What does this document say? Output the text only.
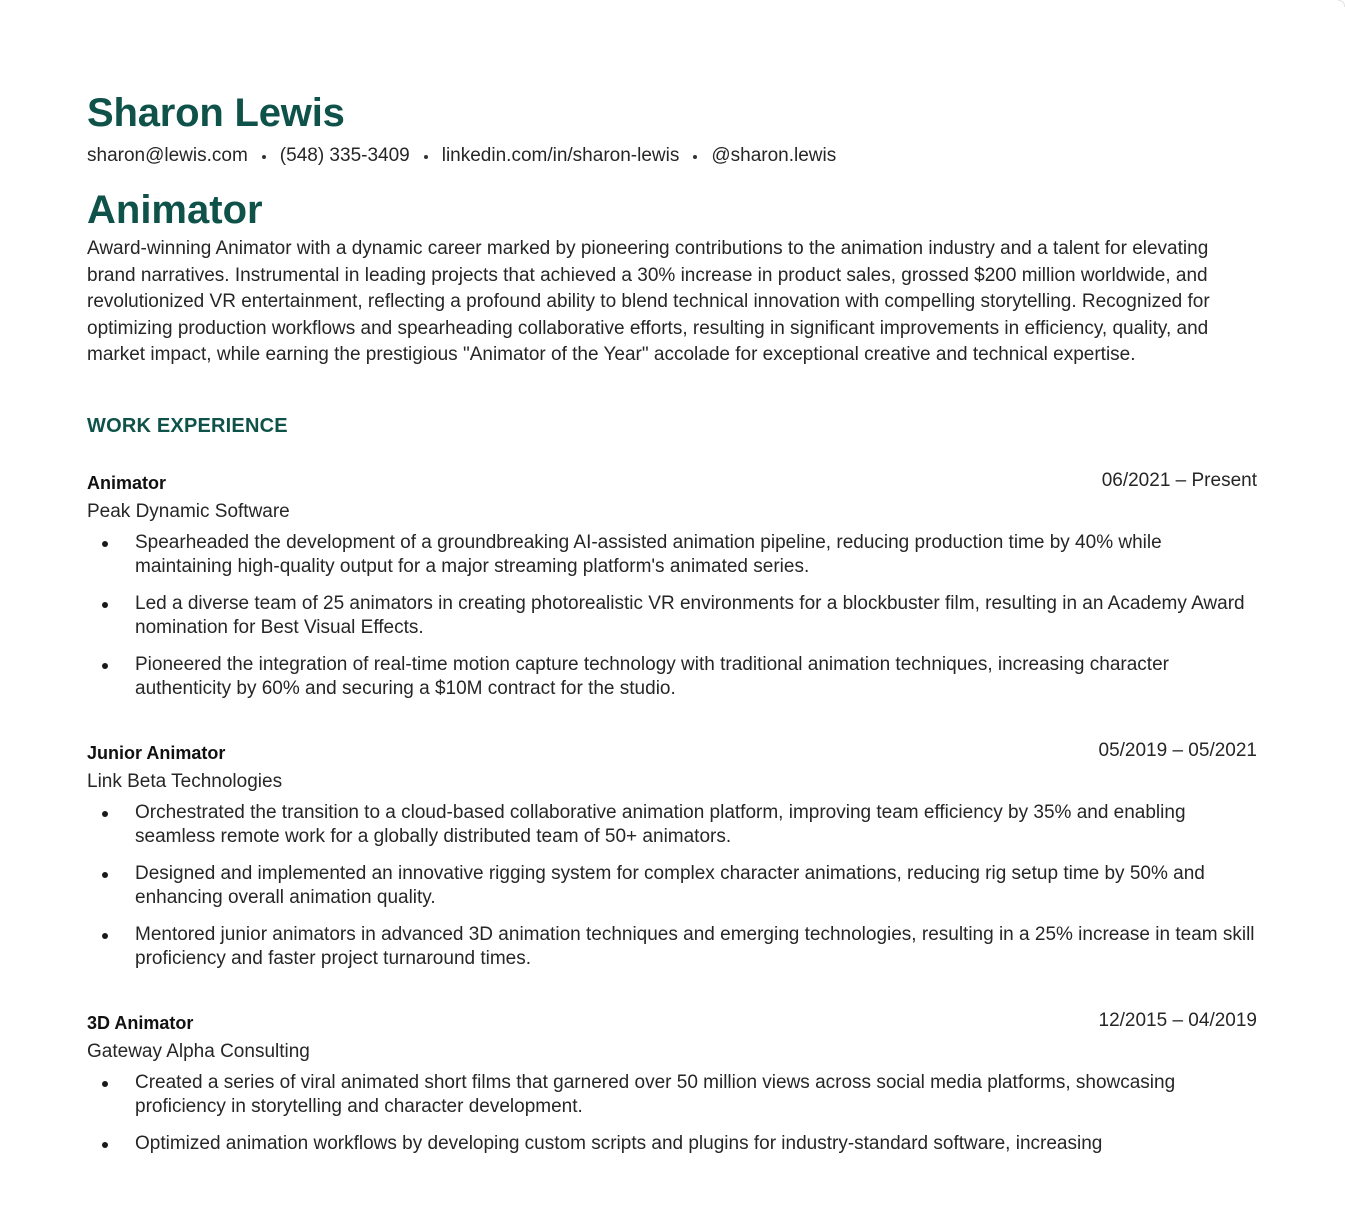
Sharon Lewis
sharon@lewis.com (548) 335-3409 linkedin.com/in/sharon-lewis @sharon.lewis
Animator

Award-winning Animator with a dynamic career marked by pioneering contributions to the animation industry and a talent for elevating brand narratives. Instrumental in leading projects that achieved a 30% increase in product sales, grossed $200 million worldwide, and revolutionized VR entertainment, reflecting a profound ability to blend technical innovation with compelling storytelling. Recognized for optimizing production workflows and spearheading collaborative efforts, resulting in significant improvements in efficiency, quality, and market impact, while earning the prestigious "Animator of the Year" accolade for exceptional creative and technical expertise.

WORK EXPERIENCE
Animator	06/2021 – Present
Peak Dynamic Software
Spearheaded the development of a groundbreaking AI-assisted animation pipeline, reducing production time by 40% while maintaining high-quality output for a major streaming platform's animated series.
Led a diverse team of 25 animators in creating photorealistic VR environments for a blockbuster film, resulting in an Academy Award nomination for Best Visual Effects.
Pioneered the integration of real-time motion capture technology with traditional animation techniques, increasing character authenticity by 60% and securing a $10M contract for the studio.
Junior Animator	05/2019 – 05/2021
Link Beta Technologies
Orchestrated the transition to a cloud-based collaborative animation platform, improving team efficiency by 35% and enabling seamless remote work for a globally distributed team of 50+ animators.
Designed and implemented an innovative rigging system for complex character animations, reducing rig setup time by 50% and enhancing overall animation quality.
Mentored junior animators in advanced 3D animation techniques and emerging technologies, resulting in a 25% increase in team skill proficiency and faster project turnaround times.
3D Animator	12/2015 – 04/2019
Gateway Alpha Consulting
Created a series of viral animated short films that garnered over 50 million views across social media platforms, showcasing proficiency in storytelling and character development.
Optimized animation workflows by developing custom scripts and plugins for industry-standard software, increasing
